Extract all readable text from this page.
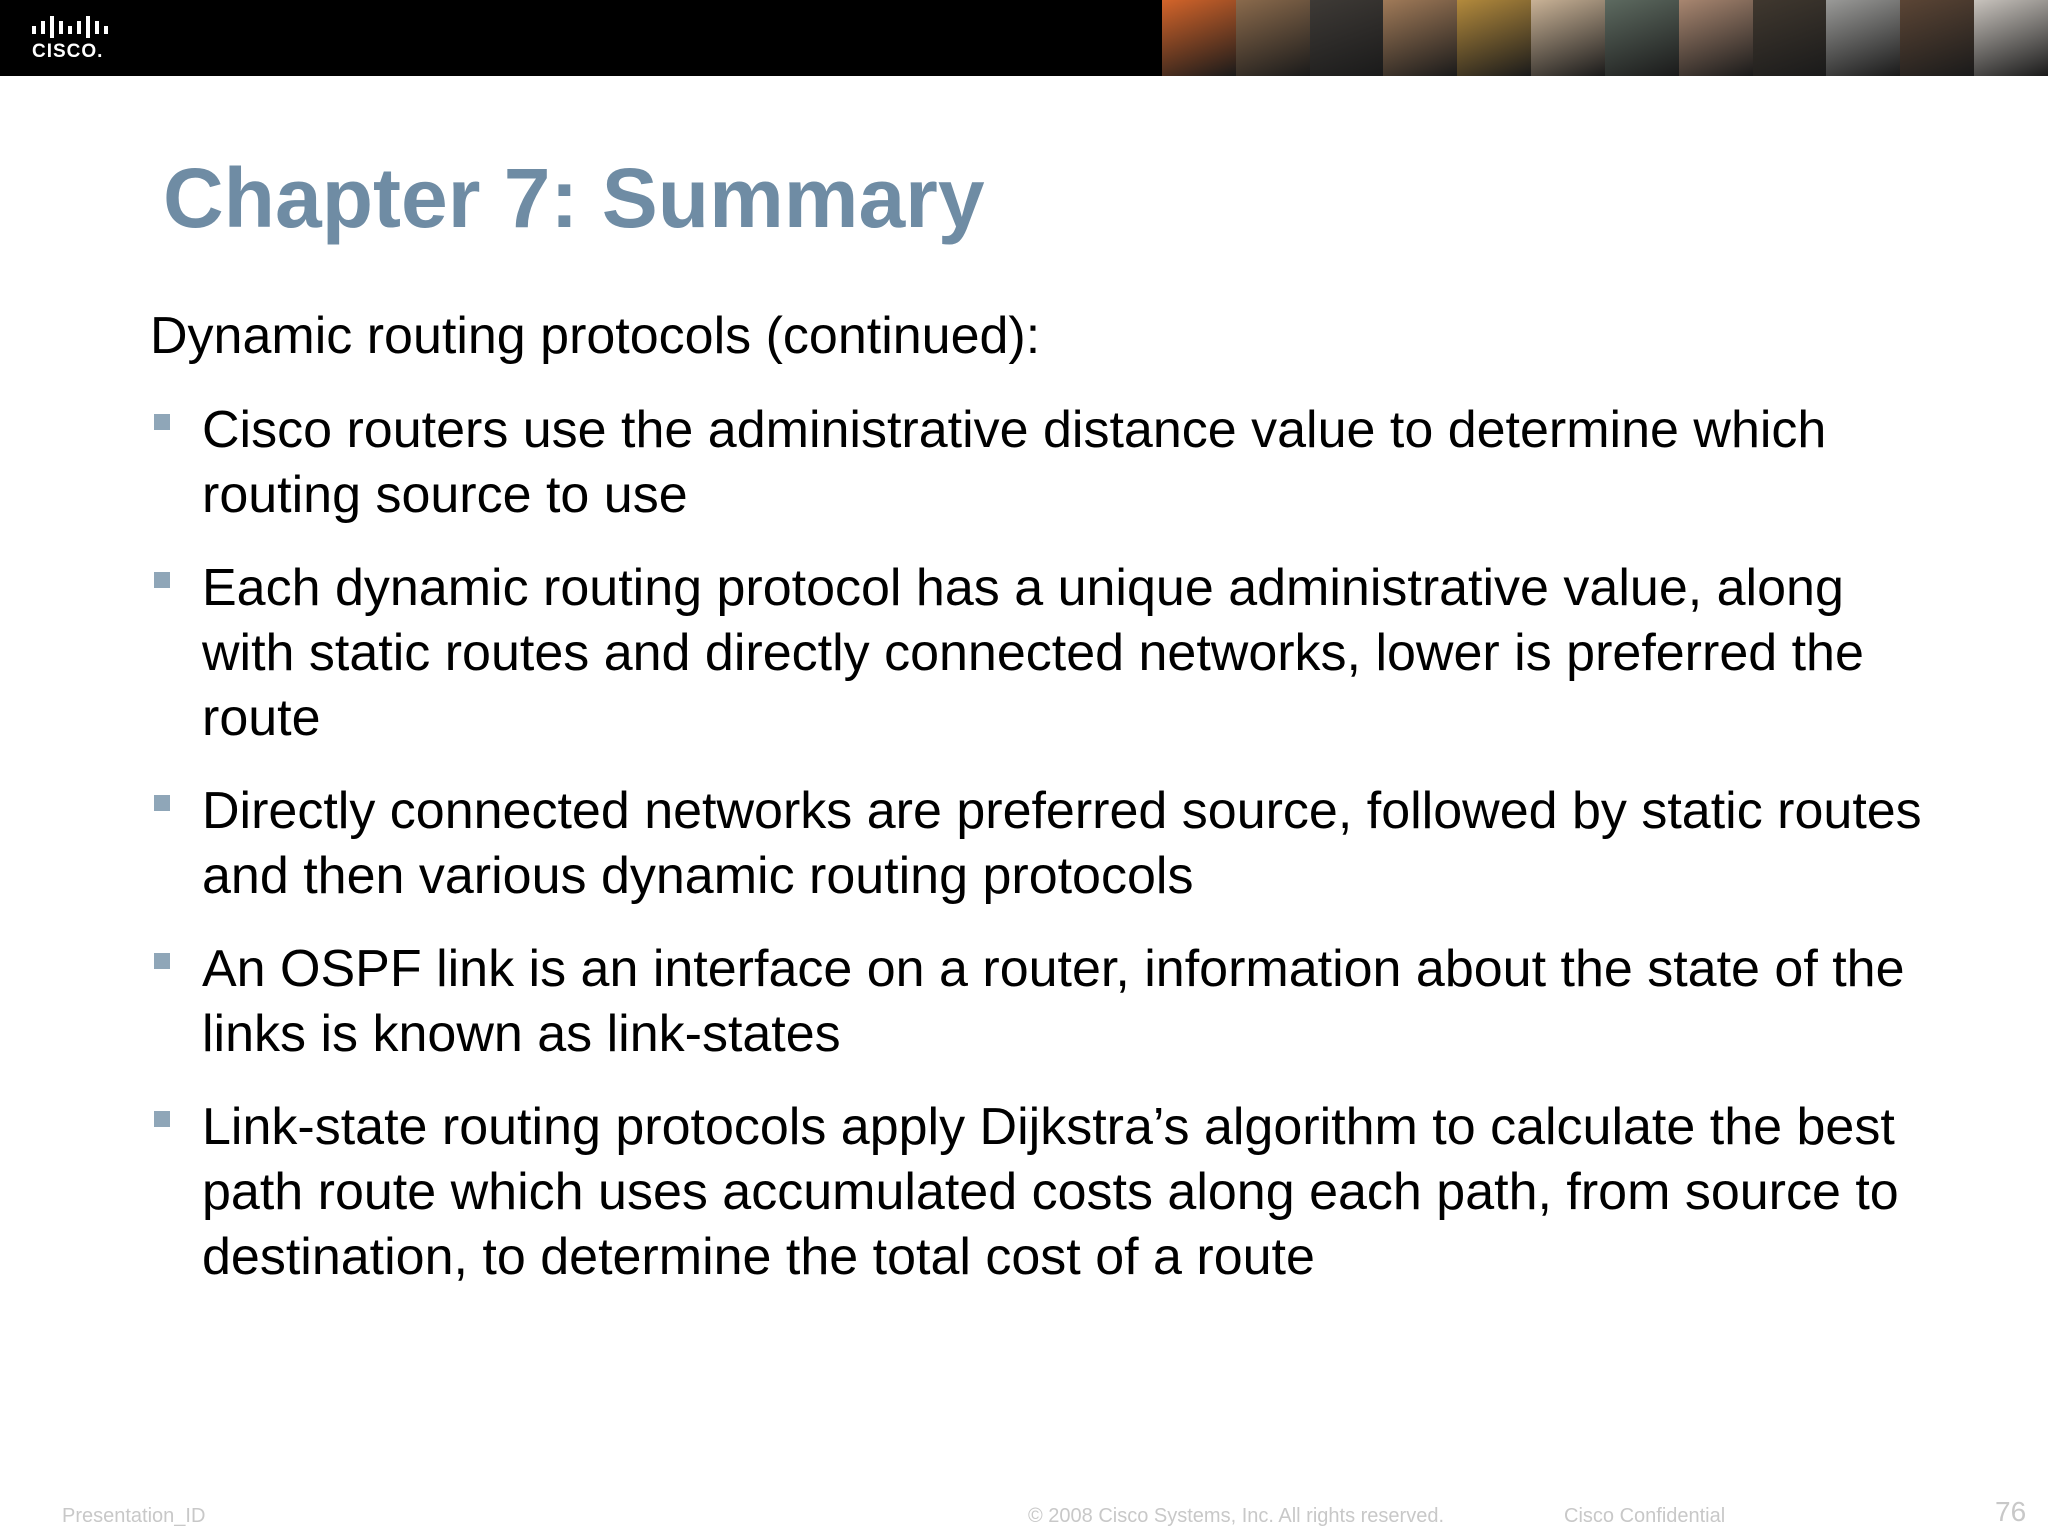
CISCO.
Chapter 7: Summary
Dynamic routing protocols (continued):
Cisco routers use the administrative distance value to determine which routing source to use
Each dynamic routing protocol has a unique administrative value, along with static routes and directly connected networks, lower is preferred the route
Directly connected networks are preferred source, followed by static routes and then various dynamic routing protocols
An OSPF link is an interface on a router, information about the state of the links is known as link-states
Link-state routing protocols apply Dijkstra’s algorithm to calculate the best path route which uses accumulated costs along each path, from source to destination, to determine the total cost of a route
Presentation_ID	© 2008 Cisco Systems, Inc. All rights reserved.	Cisco Confidential	76
